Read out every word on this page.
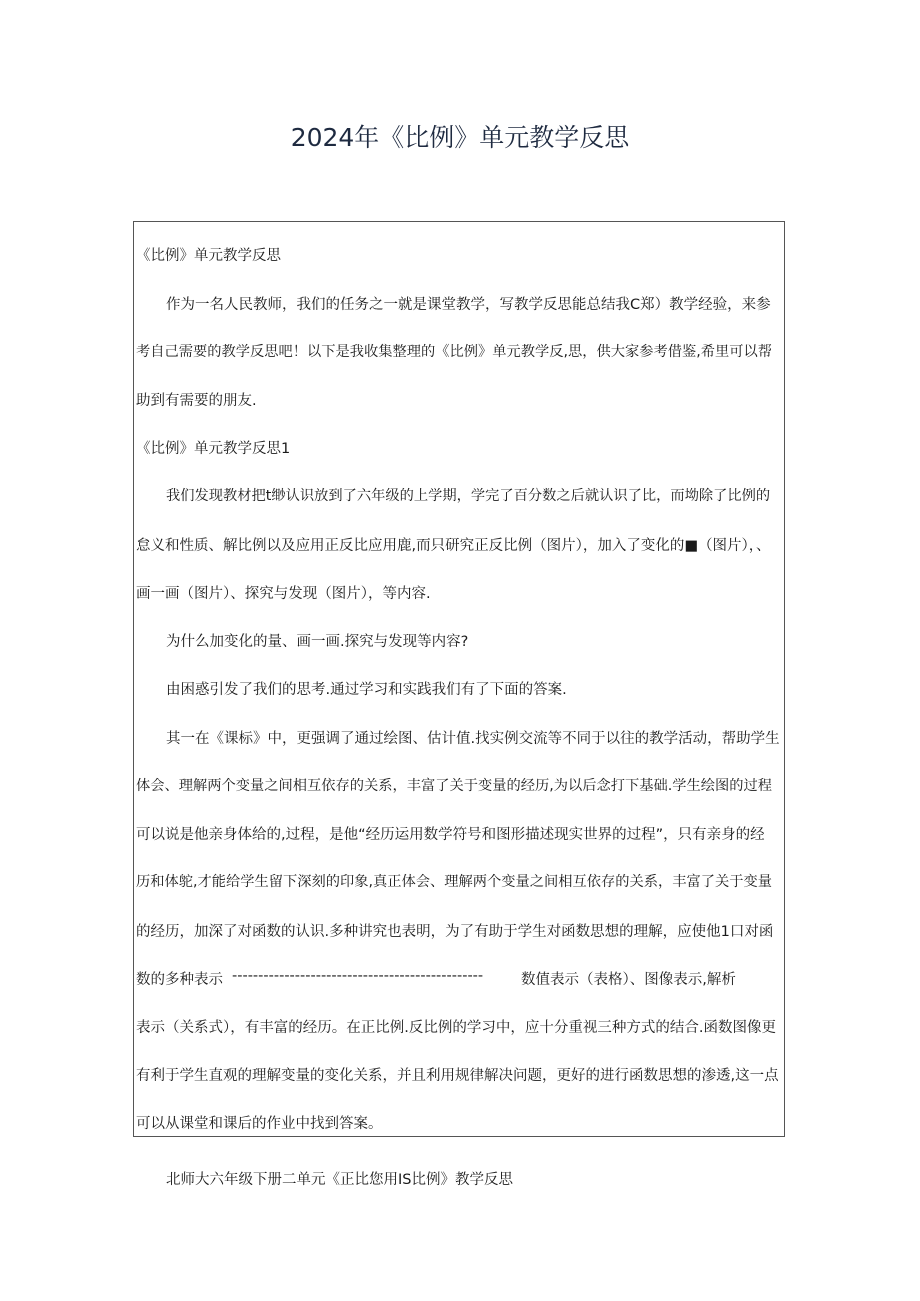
2024年《比例》单元教学反思
《比例》单元教学反思
作为一名人民教师，我们的任务之一就是课堂教学，写教学反思能总结我C郑）教学经验，来参
考自己需要的教学反思吧！以下是我收集整理的《比例》单元教学反,思，供大家参考借鉴,希里可以帮
助到有需要的朋友.
《比例》单元教学反思1
我们发现教材把t缈认识放到了六年级的上学期，学完了百分数之后就认识了比，而坳除了比例的
怠义和性质、解比例以及应用正反比应用鹿,而只研究正反比例（图片），加入了变化的■（图片），、
画一画（图片）、探究与发现（图片），等内容.
为什么加变化的量、画一画.探究与发现等内容?
由困惑引发了我们的思考.通过学习和实践我们有了下面的答案.
其一在《课标》中，更强调了通过绘图、估计值.找实例交流等不同于以往的教学活动，帮助学生
体会、理解两个变量之间相互依存的关系，丰富了关于变量的经历,为以后念打下基础.学生绘图的过程
可以说是他亲身体给的,过程，是他“经历运用数学符号和图形描述现实世界的过程”，只有亲身的经
历和体鸵,才能给学生留下深刻的印象,真正体会、理解两个变量之间相互依存的关系，丰富了关于变量
的经历，加深了对函数的认识.多种讲究也表明，为了有助于学生对函数思想的理解，应使他1口对函
数的多种表示 ------------------------------------------------	数值表示（表格）、图像表示,解析
表示（关系式），有丰富的经历。在正比例.反比例的学习中，应十分重视三种方式的结合.函数图像更
有利于学生直观的理解变量的变化关系，并且利用规律解决问题，更好的进行函数思想的渗透,这一点
可以从课堂和课后的作业中找到答案。
北师大六年级下册二单元《正比您用IS比例》教学反思
